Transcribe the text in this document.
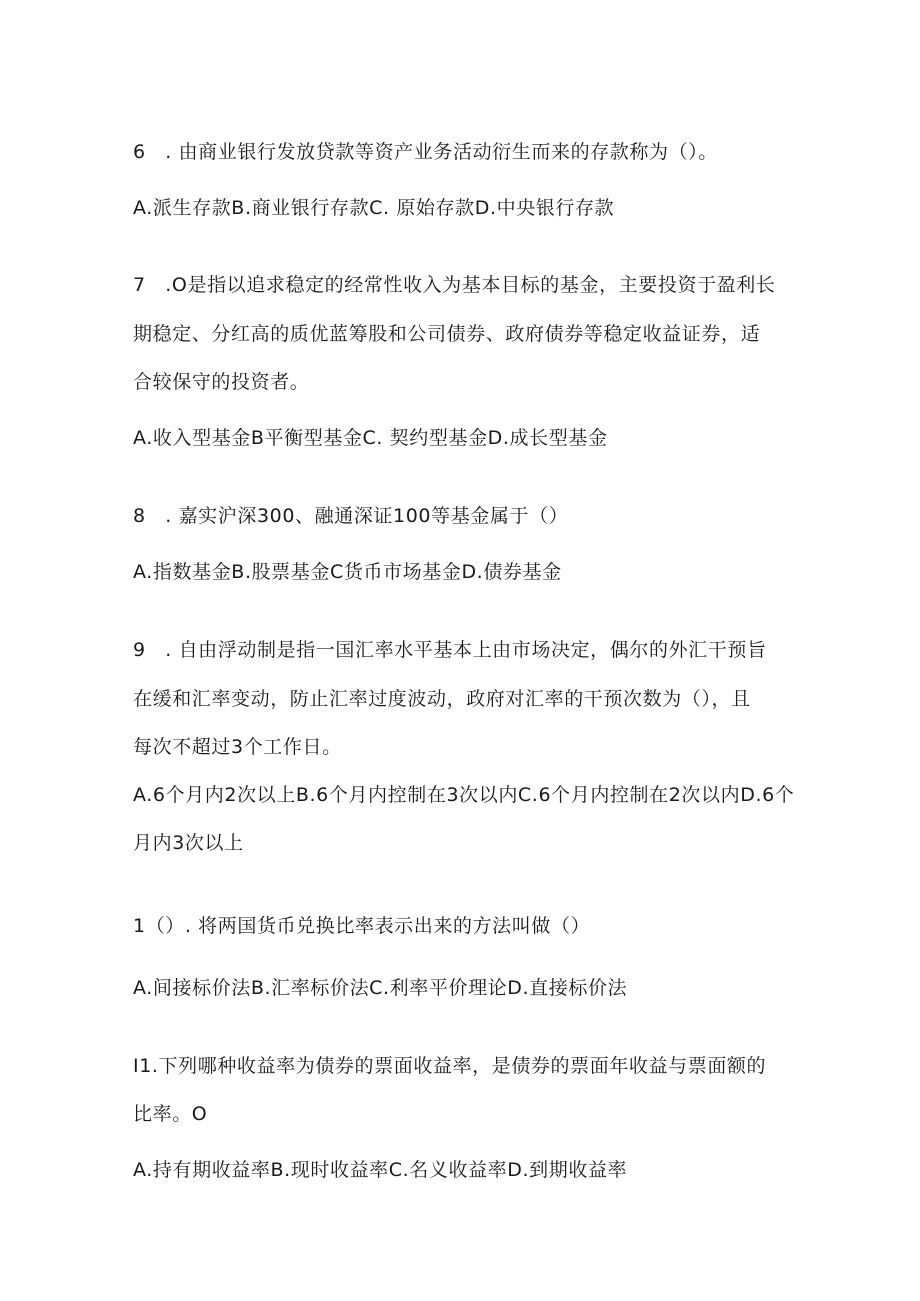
6　. 由商业银行发放贷款等资产业务活动衍生而来的存款称为（）。
A.派生存款B.商业银行存款C. 原始存款D.中央银行存款
7　.O是指以追求稳定的经常性收入为基本目标的基金，主要投资于盈利长
期稳定、分红高的质优蓝筹股和公司债券、政府债券等稳定收益证券，适
合较保守的投资者。
A.收入型基金B平衡型基金C. 契约型基金D.成长型基金
8　. 嘉实沪深300、融通深证100等基金属于（）
A.指数基金B.股票基金C货币市场基金D.债券基金
9　. 自由浮动制是指一国汇率水平基本上由市场决定，偶尔的外汇干预旨
在缓和汇率变动，防止汇率过度波动，政府对汇率的干预次数为（），且
每次不超过3个工作日。
A.6个月内2次以上B.6个月内控制在3次以内C.6个月内控制在2次以内D.6个
月内3次以上
1（）. 将两国货币兑换比率表示出来的方法叫做（）
A.间接标价法B.汇率标价法C.利率平价理论D.直接标价法
I1.下列哪种收益率为债券的票面收益率，是债券的票面年收益与票面额的
比率。O
A.持有期收益率B.现时收益率C.名义收益率D.到期收益率
